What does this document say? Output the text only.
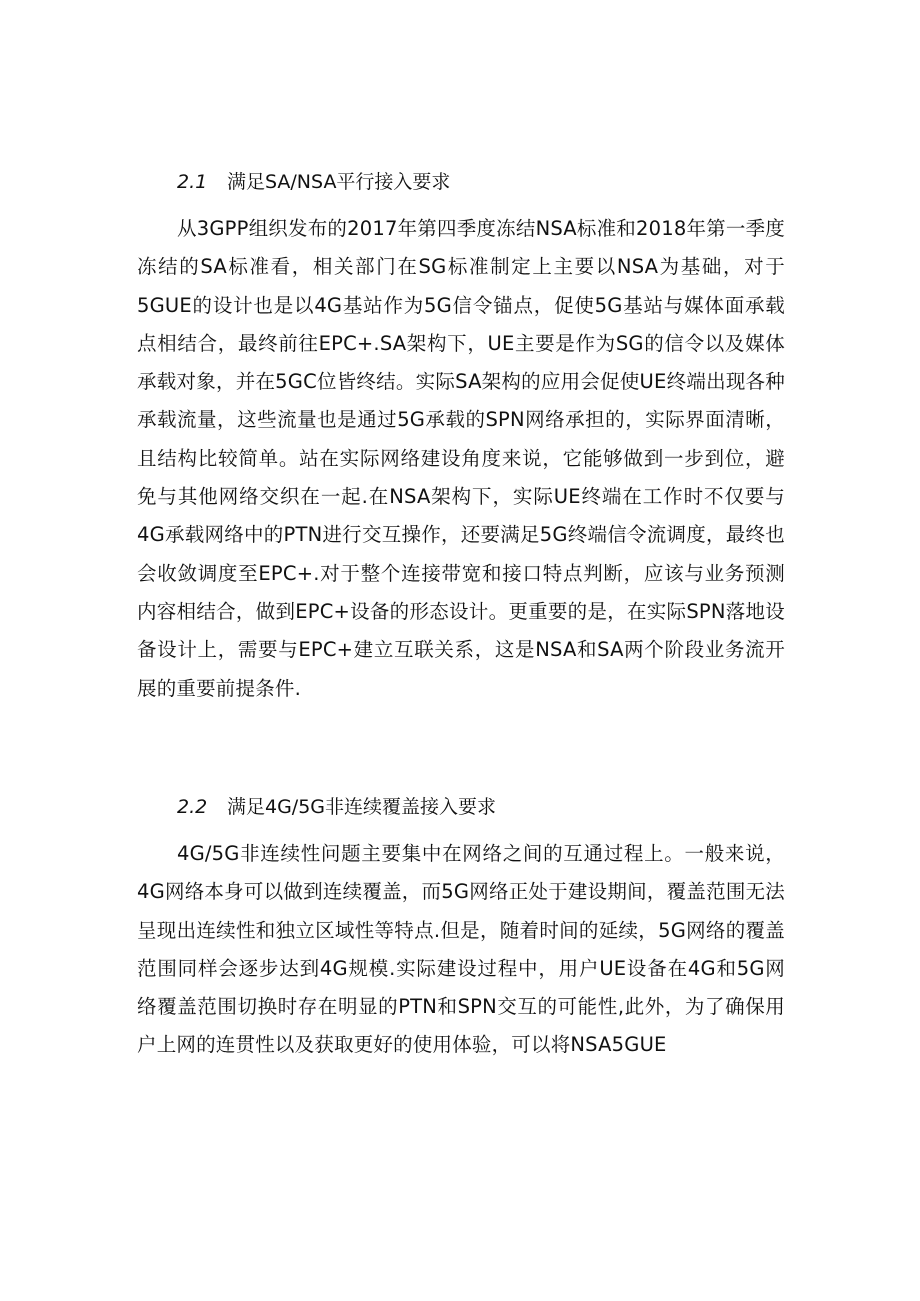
2.1 满足SA/NSA平行接入要求

从3GPP组织发布的2017年第四季度冻结NSA标准和2018年第一季度冻结的SA标准看，相关部门在SG标准制定上主要以NSA为基础，对于5GUE的设计也是以4G基站作为5G信令锚点，促使5G基站与媒体面承载点相结合，最终前往EPC+.SA架构下，UE主要是作为SG的信令以及媒体承载对象，并在5GC位皆终结。实际SA架构的应用会促使UE终端出现各种承载流量，这些流量也是通过5G承载的SPN网络承担的，实际界面清晰，且结构比较简单。站在实际网络建设角度来说，它能够做到一步到位，避免与其他网络交织在一起.在NSA架构下，实际UE终端在工作时不仅要与4G承载网络中的PTN进行交互操作，还要满足5G终端信令流调度，最终也会收敛调度至EPC+.对于整个连接带宽和接口特点判断，应该与业务预测内容相结合，做到EPC+设备的形态设计。更重要的是，在实际SPN落地设备设计上，需要与EPC+建立互联关系，这是NSA和SA两个阶段业务流开展的重要前提条件.

2.2 满足4G/5G非连续覆盖接入要求

4G/5G非连续性问题主要集中在网络之间的互通过程上。一般来说，4G网络本身可以做到连续覆盖，而5G网络正处于建设期间，覆盖范围无法呈现出连续性和独立区域性等特点.但是，随着时间的延续，5G网络的覆盖范围同样会逐步达到4G规模.实际建设过程中，用户UE设备在4G和5G网络覆盖范围切换时存在明显的PTN和SPN交互的可能性,此外，为了确保用户上网的连贯性以及获取更好的使用体验，可以将NSA5GUE
